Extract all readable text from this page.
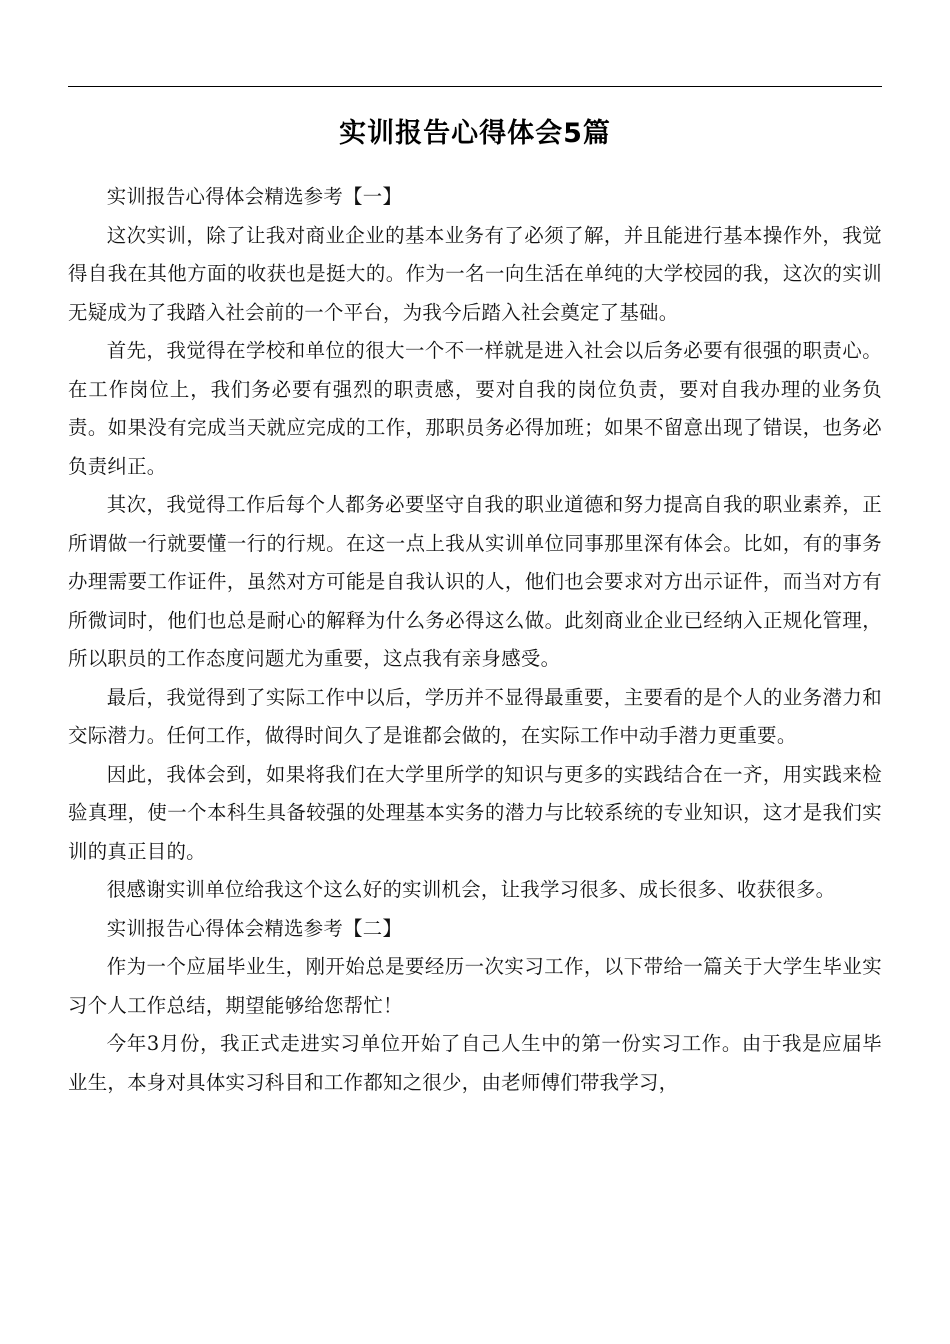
实训报告心得体会5篇

实训报告心得体会精选参考【一】

这次实训，除了让我对商业企业的基本业务有了必须了解，并且能进行基本操作外，我觉得自我在其他方面的收获也是挺大的。作为一名一向生活在单纯的大学校园的我，这次的实训无疑成为了我踏入社会前的一个平台，为我今后踏入社会奠定了基础。

首先，我觉得在学校和单位的很大一个不一样就是进入社会以后务必要有很强的职责心。在工作岗位上，我们务必要有强烈的职责感，要对自我的岗位负责，要对自我办理的业务负责。如果没有完成当天就应完成的工作，那职员务必得加班；如果不留意出现了错误，也务必负责纠正。

其次，我觉得工作后每个人都务必要坚守自我的职业道德和努力提高自我的职业素养，正所谓做一行就要懂一行的行规。在这一点上我从实训单位同事那里深有体会。比如，有的事务办理需要工作证件，虽然对方可能是自我认识的人，他们也会要求对方出示证件，而当对方有所微词时，他们也总是耐心的解释为什么务必得这么做。此刻商业企业已经纳入正规化管理，所以职员的工作态度问题尤为重要，这点我有亲身感受。

最后，我觉得到了实际工作中以后，学历并不显得最重要，主要看的是个人的业务潜力和交际潜力。任何工作，做得时间久了是谁都会做的，在实际工作中动手潜力更重要。

因此，我体会到，如果将我们在大学里所学的知识与更多的实践结合在一齐，用实践来检验真理，使一个本科生具备较强的处理基本实务的潜力与比较系统的专业知识，这才是我们实训的真正目的。

很感谢实训单位给我这个这么好的实训机会，让我学习很多、成长很多、收获很多。

实训报告心得体会精选参考【二】

作为一个应届毕业生，刚开始总是要经历一次实习工作，以下带给一篇关于大学生毕业实习个人工作总结，期望能够给您帮忙！

今年3月份，我正式走进实习单位开始了自己人生中的第一份实习工作。由于我是应届毕业生，本身对具体实习科目和工作都知之很少，由老师傅们带我学习，
